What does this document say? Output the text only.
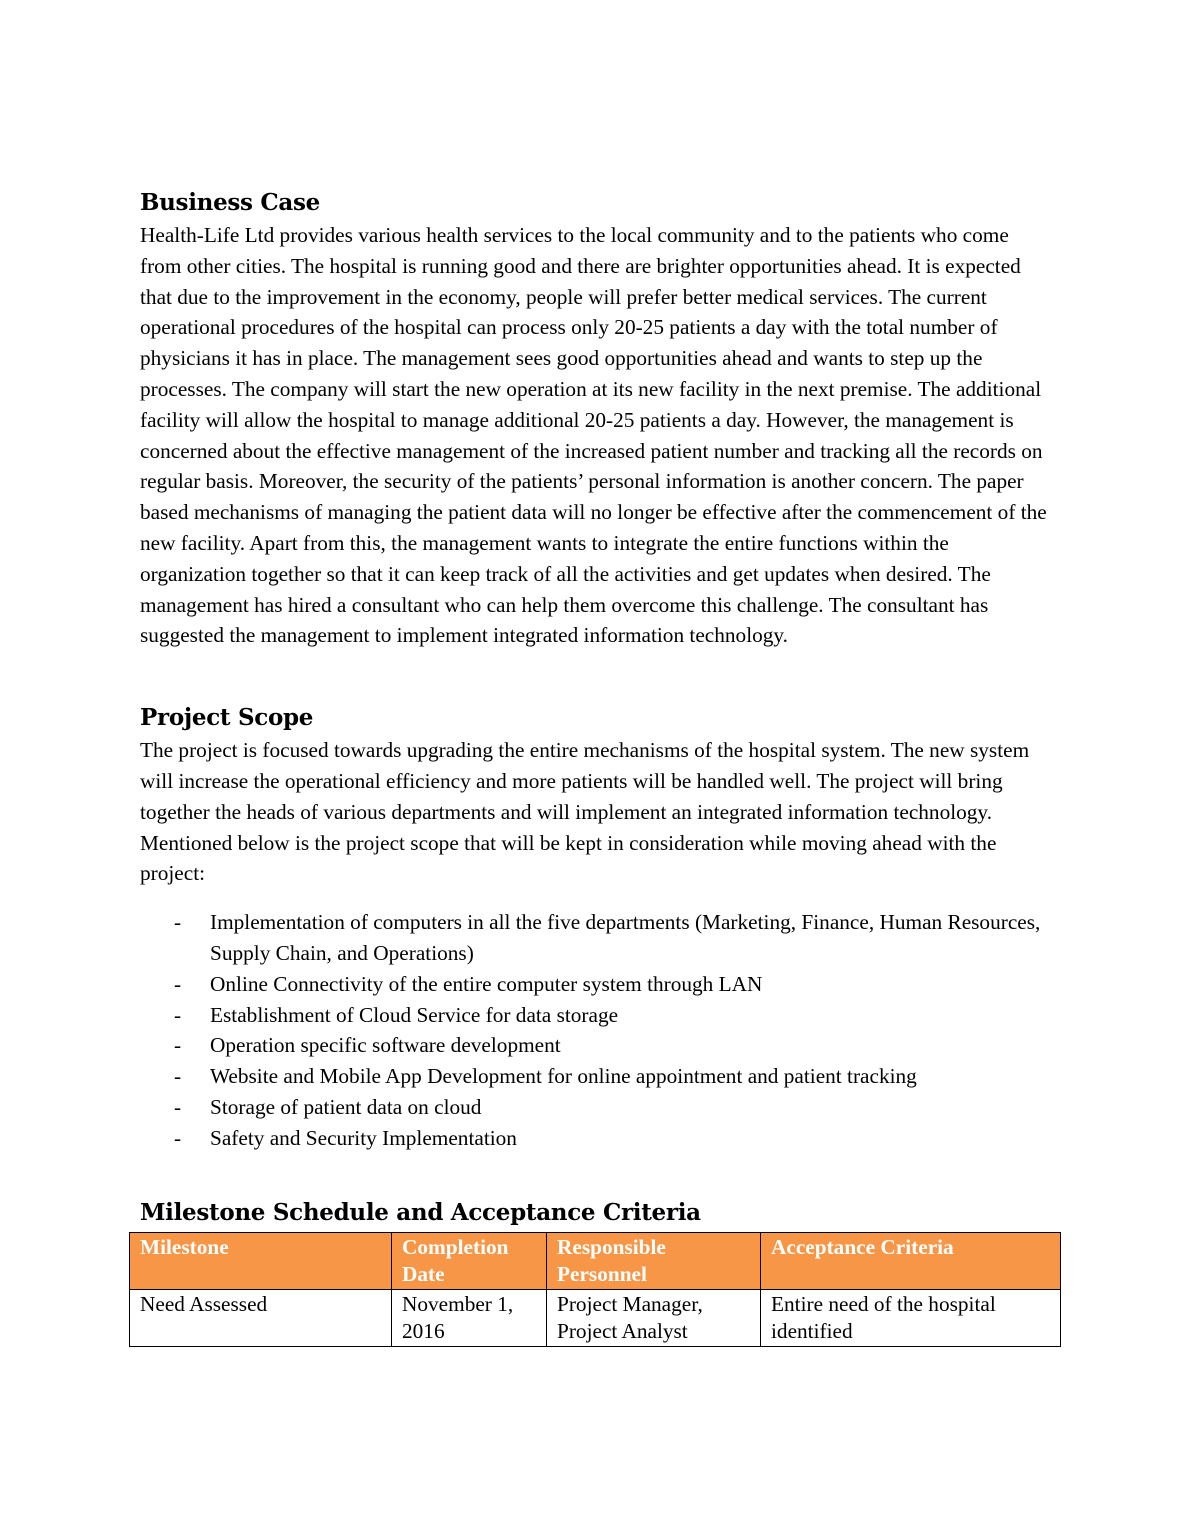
Business Case

Health-Life Ltd provides various health services to the local community and to the patients who come from other cities. The hospital is running good and there are brighter opportunities ahead. It is expected that due to the improvement in the economy, people will prefer better medical services. The current operational procedures of the hospital can process only 20-25 patients a day with the total number of physicians it has in place. The management sees good opportunities ahead and wants to step up the processes. The company will start the new operation at its new facility in the next premise. The additional facility will allow the hospital to manage additional 20-25 patients a day. However, the management is concerned about the effective management of the increased patient number and tracking all the records on regular basis. Moreover, the security of the patients’ personal information is another concern. The paper based mechanisms of managing the patient data will no longer be effective after the commencement of the new facility. Apart from this, the management wants to integrate the entire functions within the organization together so that it can keep track of all the activities and get updates when desired. The management has hired a consultant who can help them overcome this challenge. The consultant has suggested the management to implement integrated information technology.

Project Scope

The project is focused towards upgrading the entire mechanisms of the hospital system. The new system will increase the operational efficiency and more patients will be handled well. The project will bring together the heads of various departments and will implement an integrated information technology. Mentioned below is the project scope that will be kept in consideration while moving ahead with the project:

- Implementation of computers in all the five departments (Marketing, Finance, Human Resources, Supply Chain, and Operations)
- Online Connectivity of the entire computer system through LAN
- Establishment of Cloud Service for data storage
- Operation specific software development
- Website and Mobile App Development for online appointment and patient tracking
- Storage of patient data on cloud
- Safety and Security Implementation
Milestone Schedule and Acceptance Criteria
Milestone	Completion Date	Responsible Personnel	Acceptance Criteria
Need Assessed	November 1, 2016	Project Manager, Project Analyst	Entire need of the hospital identified
